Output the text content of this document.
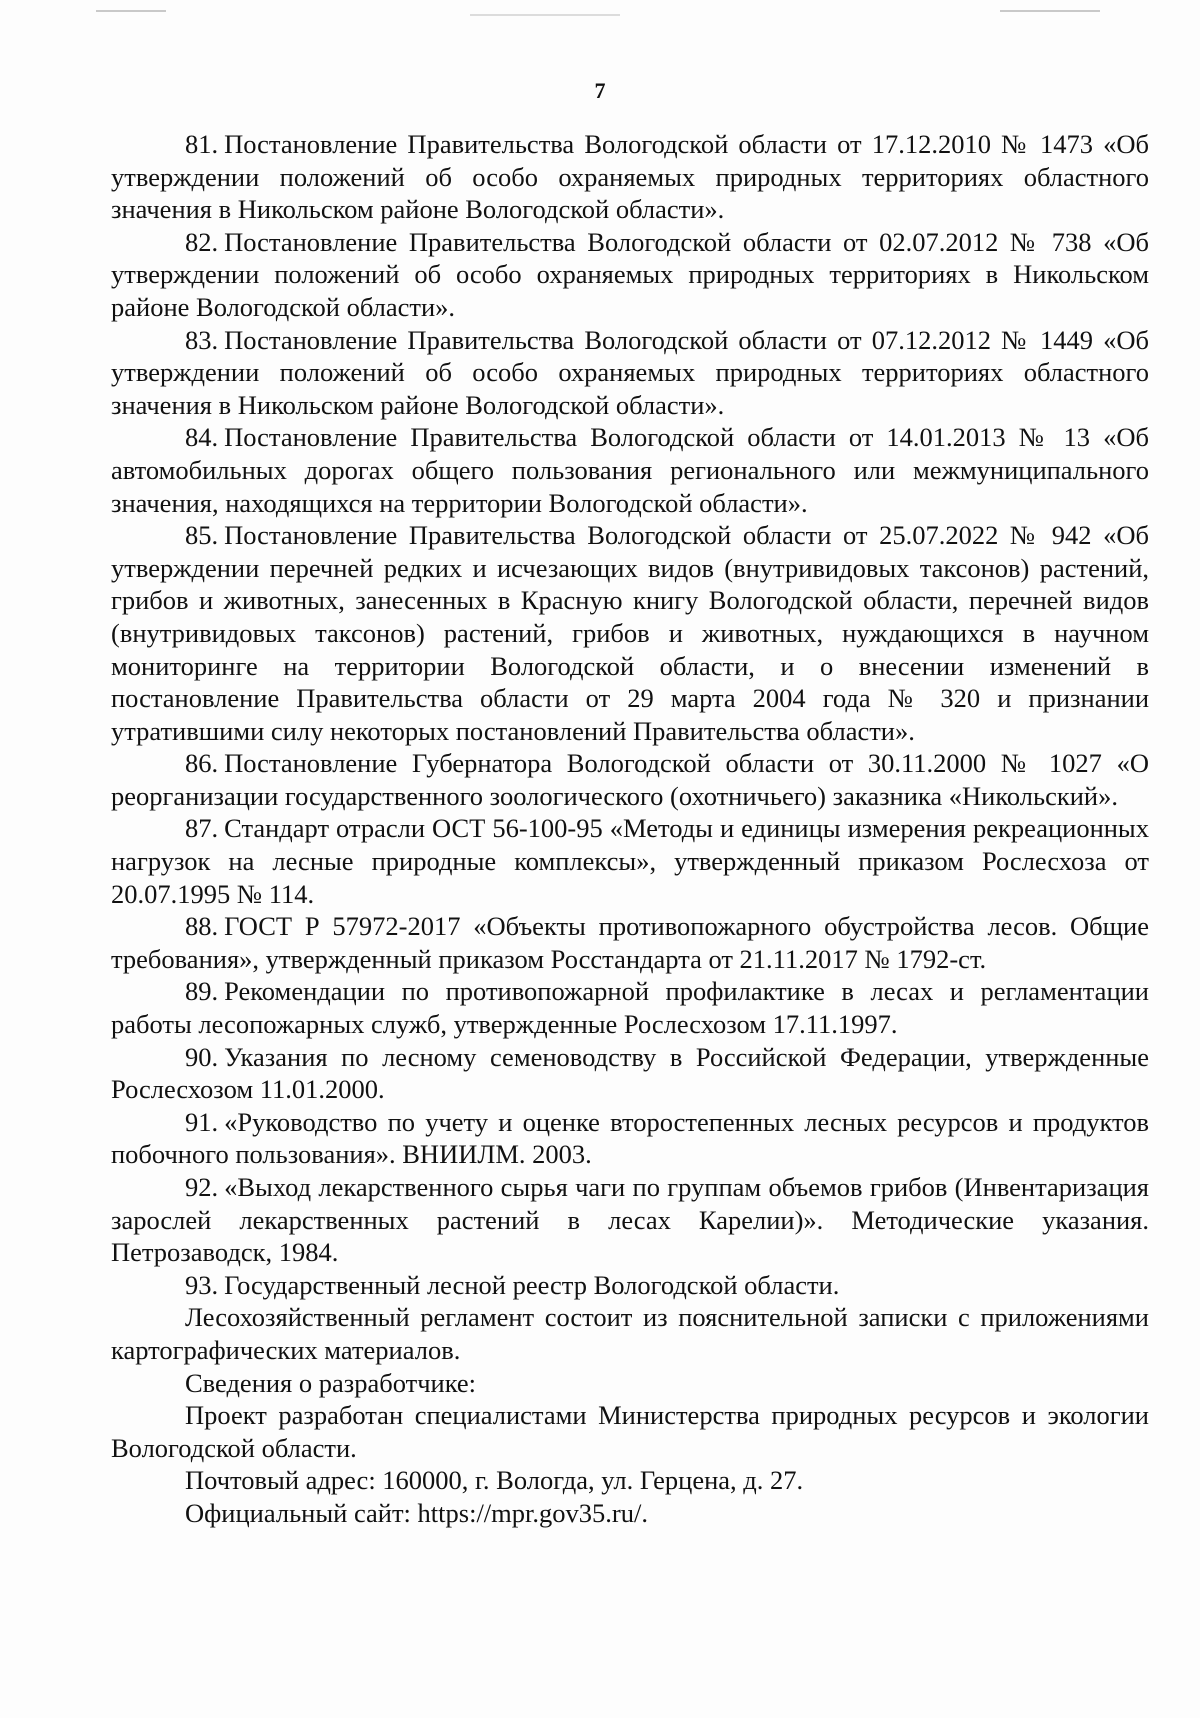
7

81. Постановление Правительства Вологодской области от 17.12.2010 № 1473 «Об утверждении положений об особо охраняемых природных территориях областного значения в Никольском районе Вологодской области».

82. Постановление Правительства Вологодской области от 02.07.2012 № 738 «Об утверждении положений об особо охраняемых природных территориях в Никольском районе Вологодской области».

83. Постановление Правительства Вологодской области от 07.12.2012 № 1449 «Об утверждении положений об особо охраняемых природных территориях областного значения в Никольском районе Вологодской области».

84. Постановление Правительства Вологодской области от 14.01.2013 № 13 «Об автомобильных дорогах общего пользования регионального или межмуниципального значения, находящихся на территории Вологодской области».

85. Постановление Правительства Вологодской области от 25.07.2022 № 942 «Об утверждении перечней редких и исчезающих видов (внутривидовых таксонов) растений, грибов и животных, занесенных в Красную книгу Вологодской области, перечней видов (внутривидовых таксонов) растений, грибов и животных, нуждающихся в научном мониторинге на территории Вологодской области, и о внесении изменений в постановление Правительства области от 29 марта 2004 года № 320 и признании утратившими силу некоторых постановлений Правительства области».

86. Постановление Губернатора Вологодской области от 30.11.2000 № 1027 «О реорганизации государственного зоологического (охотничьего) заказника «Никольский».

87. Стандарт отрасли ОСТ 56-100-95 «Методы и единицы измерения рекреационных нагрузок на лесные природные комплексы», утвержденный приказом Рослесхоза от 20.07.1995 № 114.

88. ГОСТ Р 57972-2017 «Объекты противопожарного обустройства лесов. Общие требования», утвержденный приказом Росстандарта от 21.11.2017 № 1792-ст.

89. Рекомендации по противопожарной профилактике в лесах и регламентации работы лесопожарных служб, утвержденные Рослесхозом 17.11.1997.

90. Указания по лесному семеноводству в Российской Федерации, утвержденные Рослесхозом 11.01.2000.

91. «Руководство по учету и оценке второстепенных лесных ресурсов и продуктов побочного пользования». ВНИИЛМ. 2003.

92. «Выход лекарственного сырья чаги по группам объемов грибов (Инвентаризация зарослей лекарственных растений в лесах Карелии)». Методические указания. Петрозаводск, 1984.

93. Государственный лесной реестр Вологодской области.

Лесохозяйственный регламент состоит из пояснительной записки с приложениями картографических материалов.

Сведения о разработчике:

Проект разработан специалистами Министерства природных ресурсов и экологии Вологодской области.

Почтовый адрес: 160000, г. Вологда, ул. Герцена, д. 27.

Официальный сайт: https://mpr.gov35.ru/.
